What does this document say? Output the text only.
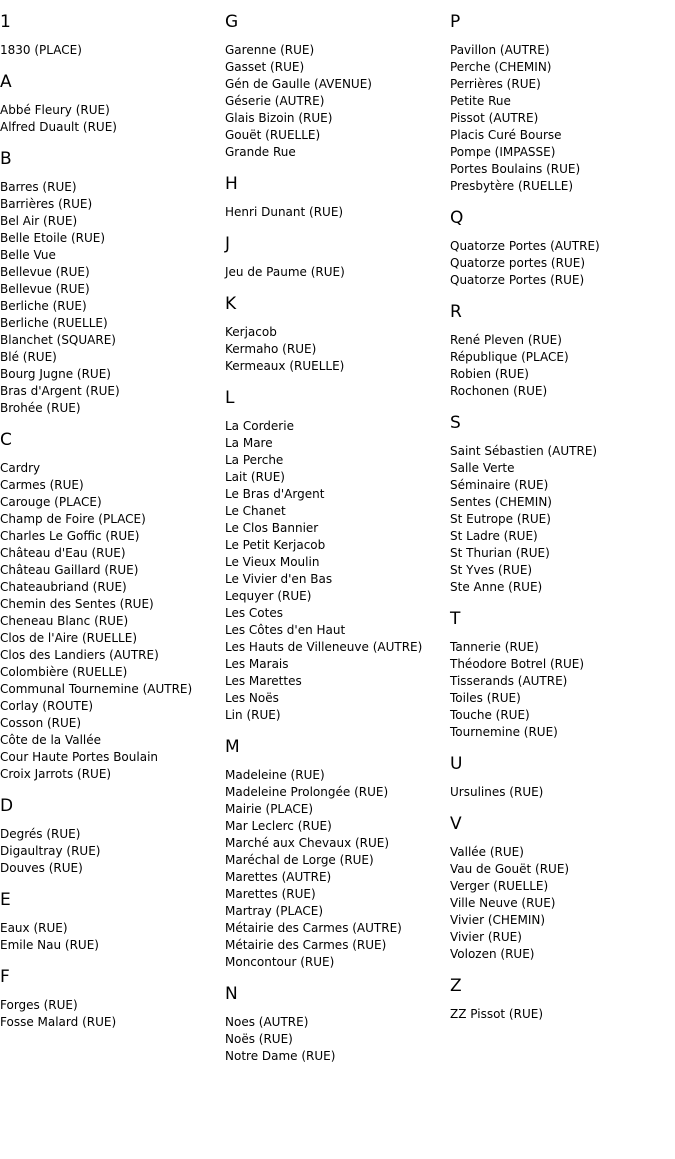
1
1830 (PLACE)
A
Abbé Fleury (RUE)
Alfred Duault (RUE)
B
Barres (RUE)
Barrières (RUE)
Bel Air (RUE)
Belle Etoile (RUE)
Belle Vue
Bellevue (RUE)
Bellevue (RUE)
Berliche (RUE)
Berliche (RUELLE)
Blanchet (SQUARE)
Blé (RUE)
Bourg Jugne (RUE)
Bras d'Argent (RUE)
Brohée (RUE)
C
Cardry
Carmes (RUE)
Carouge (PLACE)
Champ de Foire (PLACE)
Charles Le Goffic (RUE)
Château d'Eau (RUE)
Château Gaillard (RUE)
Chateaubriand (RUE)
Chemin des Sentes (RUE)
Cheneau Blanc (RUE)
Clos de l'Aire (RUELLE)
Clos des Landiers (AUTRE)
Colombière (RUELLE)
Communal Tournemine (AUTRE)
Corlay (ROUTE)
Cosson (RUE)
Côte de la Vallée
Cour Haute Portes Boulain
Croix Jarrots (RUE)
D
Degrés (RUE)
Digaultray (RUE)
Douves (RUE)
E
Eaux (RUE)
Emile Nau (RUE)
F
Forges (RUE)
Fosse Malard (RUE)
G
Garenne (RUE)
Gasset (RUE)
Gén de Gaulle (AVENUE)
Géserie (AUTRE)
Glais Bizoin (RUE)
Gouët (RUELLE)
Grande Rue
H
Henri Dunant (RUE)
J
Jeu de Paume (RUE)
K
Kerjacob
Kermaho (RUE)
Kermeaux (RUELLE)
L
La Corderie
La Mare
La Perche
Lait (RUE)
Le Bras d'Argent
Le Chanet
Le Clos Bannier
Le Petit Kerjacob
Le Vieux Moulin
Le Vivier d'en Bas
Lequyer (RUE)
Les Cotes
Les Côtes d'en Haut
Les Hauts de Villeneuve (AUTRE)
Les Marais
Les Marettes
Les Noës
Lin (RUE)
M
Madeleine (RUE)
Madeleine Prolongée (RUE)
Mairie (PLACE)
Mar Leclerc (RUE)
Marché aux Chevaux (RUE)
Maréchal de Lorge (RUE)
Marettes (AUTRE)
Marettes (RUE)
Martray (PLACE)
Métairie des Carmes (AUTRE)
Métairie des Carmes (RUE)
Moncontour (RUE)
N
Noes (AUTRE)
Noës (RUE)
Notre Dame (RUE)
P
Pavillon (AUTRE)
Perche (CHEMIN)
Perrières (RUE)
Petite Rue
Pissot (AUTRE)
Placis Curé Bourse
Pompe (IMPASSE)
Portes Boulains (RUE)
Presbytère (RUELLE)
Q
Quatorze Portes (AUTRE)
Quatorze portes (RUE)
Quatorze Portes (RUE)
R
René Pleven (RUE)
République (PLACE)
Robien (RUE)
Rochonen (RUE)
S
Saint Sébastien (AUTRE)
Salle Verte
Séminaire (RUE)
Sentes (CHEMIN)
St Eutrope (RUE)
St Ladre (RUE)
St Thurian (RUE)
St Yves (RUE)
Ste Anne (RUE)
T
Tannerie (RUE)
Théodore Botrel (RUE)
Tisserands (AUTRE)
Toiles (RUE)
Touche (RUE)
Tournemine (RUE)
U
Ursulines (RUE)
V
Vallée (RUE)
Vau de Gouët (RUE)
Verger (RUELLE)
Ville Neuve (RUE)
Vivier (CHEMIN)
Vivier (RUE)
Volozen (RUE)
Z
ZZ Pissot (RUE)
